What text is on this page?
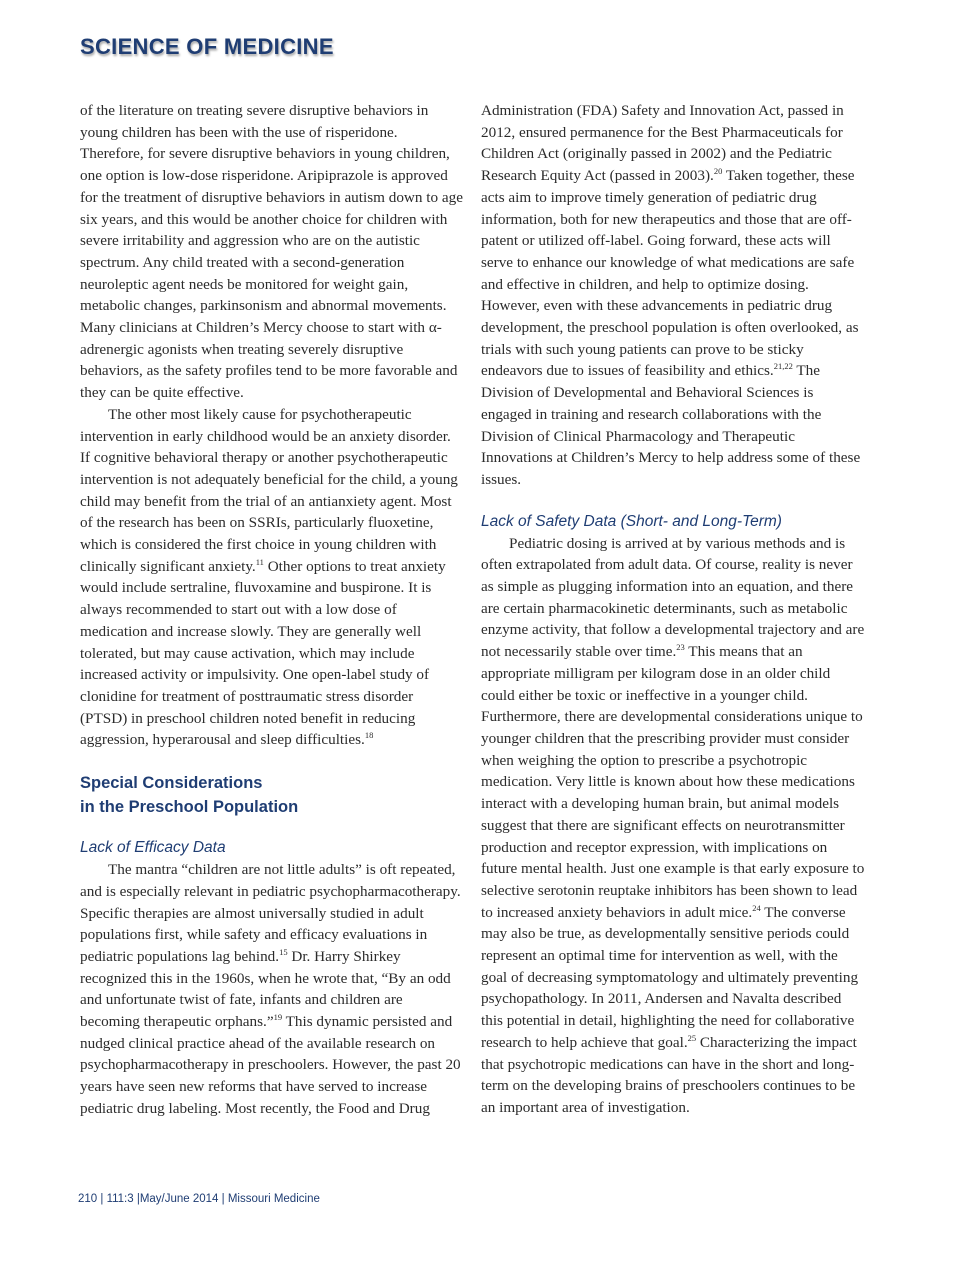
SCIENCE OF MEDICINE

of the literature on treating severe disruptive behaviors in young children has been with the use of risperidone. Therefore, for severe disruptive behaviors in young children, one option is low-dose risperidone. Aripiprazole is approved for the treatment of disruptive behaviors in autism down to age six years, and this would be another choice for children with severe irritability and aggression who are on the autistic spectrum. Any child treated with a second-generation neuroleptic agent needs be monitored for weight gain, metabolic changes, parkinsonism and abnormal movements. Many clinicians at Children’s Mercy choose to start with α-adrenergic agonists when treating severely disruptive behaviors, as the safety profiles tend to be more favorable and they can be quite effective.

The other most likely cause for psychotherapeutic intervention in early childhood would be an anxiety disorder. If cognitive behavioral therapy or another psychotherapeutic intervention is not adequately beneficial for the child, a young child may benefit from the trial of an antianxiety agent. Most of the research has been on SSRIs, particularly fluoxetine, which is considered the first choice in young children with clinically significant anxiety.$^{11}$ Other options to treat anxiety would include sertraline, fluvoxamine and buspirone. It is always recommended to start out with a low dose of medication and increase slowly. They are generally well tolerated, but may cause activation, which may include increased activity or impulsivity. One open-label study of clonidine for treatment of posttraumatic stress disorder (PTSD) in preschool children noted benefit in reducing aggression, hyperarousal and sleep difficulties.$^{18}$

Special Considerations
in the Preschool Population
Lack of Efficacy Data

The mantra “children are not little adults” is oft repeated, and is especially relevant in pediatric psychopharmacotherapy. Specific therapies are almost universally studied in adult populations first, while safety and efficacy evaluations in pediatric populations lag behind.$^{15}$ Dr. Harry Shirkey recognized this in the 1960s, when he wrote that, “By an odd and unfortunate twist of fate, infants and children are becoming therapeutic orphans.”$^{19}$ This dynamic persisted and nudged clinical practice ahead of the available research on psychopharmacotherapy in preschoolers. However, the past 20 years have seen new reforms that have served to increase pediatric drug labeling. Most recently, the Food and Drug

Administration (FDA) Safety and Innovation Act, passed in 2012, ensured permanence for the Best Pharmaceuticals for Children Act (originally passed in 2002) and the Pediatric Research Equity Act (passed in 2003).$^{20}$ Taken together, these acts aim to improve timely generation of pediatric drug information, both for new therapeutics and those that are off-patent or utilized off-label. Going forward, these acts will serve to enhance our knowledge of what medications are safe and effective in children, and help to optimize dosing. However, even with these advancements in pediatric drug development, the preschool population is often overlooked, as trials with such young patients can prove to be sticky endeavors due to issues of feasibility and ethics.$^{21,22}$ The Division of Developmental and Behavioral Sciences is engaged in training and research collaborations with the Division of Clinical Pharmacology and Therapeutic Innovations at Children’s Mercy to help address some of these issues.

Lack of Safety Data (Short- and Long-Term)

Pediatric dosing is arrived at by various methods and is often extrapolated from adult data. Of course, reality is never as simple as plugging information into an equation, and there are certain pharmacokinetic determinants, such as metabolic enzyme activity, that follow a developmental trajectory and are not necessarily stable over time.$^{23}$ This means that an appropriate milligram per kilogram dose in an older child could either be toxic or ineffective in a younger child. Furthermore, there are developmental considerations unique to younger children that the prescribing provider must consider when weighing the option to prescribe a psychotropic medication. Very little is known about how these medications interact with a developing human brain, but animal models suggest that there are significant effects on neurotransmitter production and receptor expression, with implications on future mental health. Just one example is that early exposure to selective serotonin reuptake inhibitors has been shown to lead to increased anxiety behaviors in adult mice.$^{24}$ The converse may also be true, as developmentally sensitive periods could represent an optimal time for intervention as well, with the goal of decreasing symptomatology and ultimately preventing psychopathology. In 2011, Andersen and Navalta described this potential in detail, highlighting the need for collaborative research to help achieve that goal.$^{25}$ Characterizing the impact that psychotropic medications can have in the short and long-term on the developing brains of preschoolers continues to be an important area of investigation.

210 | 111:3 |May/June 2014 | Missouri Medicine
